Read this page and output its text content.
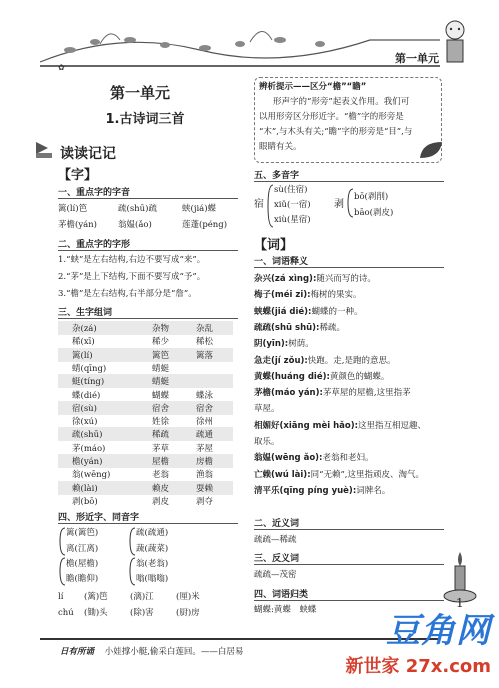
✿
第一单元
第一单元
1.古诗词三首
辨析提示——区分“檐”“瞻”
形声字的“形旁”起表义作用。我们可
以用形旁区分形近字。“檐”字的形旁是
“木”,与木头有关;“瞻”字的形旁是“目”,与
眼睛有关。
读读记记
【字】
一、重点字的字音
篱(lí)笆	疏(shū)疏	蛱(jiá)蝶
茅檐(yán) 翁媪(ǎo)	莲蓬(péng)
二、重点字的字形
1.“蛱”是左右结构,右边不要写成“来”。
2.“茅”是上下结构,下面不要写成“予”。
3.“檐”是左右结构,右半部分是“詹”。
三、生字组词
杂(zá)	杂物	杂乱
稀(xī)	稀少	稀松
篱(lí)	篱笆	篱落
蜻(qīng)	蜻蜓
蜓(tíng)	蜻蜓
蝶(dié)	蝴蝶	蝶泳
宿(sù)	宿舍	宿舍
徐(xú)	姓徐	徐州
疏(shū)	稀疏	疏通
茅(máo)	茅草	茅屋
檐(yán)	屋檐	房檐
翁(wēng)	老翁	渔翁
赖(lài)	赖皮	耍赖
剥(bō)	剥皮	剥夺
四、形近字、同音字
篱(篱笆)
离(江离)
疏(疏通)
蔬(蔬菜)
檐(屋檐)
瞻(瞻仰)
翁(老翁)
嗡(嗡嗡)
lí (篱)笆	(漓)江	(厘)米
chú (锄)头	(除)害	(厨)房
五、多音字
宿
sù(住宿)
xiǔ(一宿)
xiù(星宿)
剥
bō(剥削)
bāo(剥皮)
【词】
一、词语释义
杂兴(zá xìng):随兴而写的诗。
梅子(méi zi):梅树的果实。
蛱蝶(jiá dié):蝴蝶的一种。
疏疏(shū shū):稀疏。
阴(yīn):树荫。
急走(jí zǒu):快跑。走,是跑的意思。
黄蝶(huáng dié):黄颜色的蝴蝶。
茅檐(máo yán):茅草屋的屋檐,这里指茅
草屋。
相媚好(xiāng mèi hǎo):这里指互相逗趣、
取乐。
翁媪(wēng ǎo):老翁和老妇。
亡赖(wú lài):同“无赖”,这里指顽皮、淘气。
清平乐(qīng píng yuè):词牌名。
二、近义词
疏疏—稀疏
三、反义词
疏疏—茂密
四、词语归类
蝴蝶:黄蝶　蛱蝶	1
日有所诵 小娃撑小艇,偷采白莲回。——白居易
豆角网
新世家 27x.com
